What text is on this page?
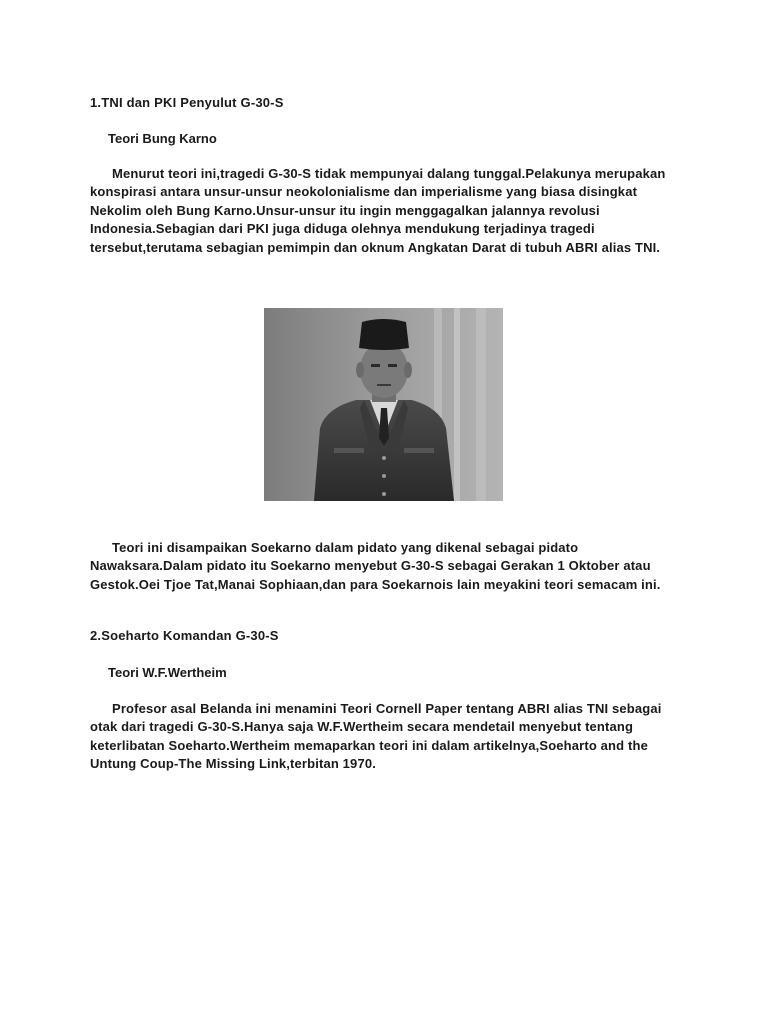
1.TNI dan PKI Penyulut G-30-S

Teori Bung Karno

Menurut teori ini,tragedi G-30-S tidak mempunyai dalang tunggal.Pelakunya merupakan konspirasi antara unsur-unsur neokolonialisme dan imperialisme yang biasa disingkat Nekolim oleh Bung Karno.Unsur-unsur itu ingin menggagalkan jalannya revolusi Indonesia.Sebagian dari PKI juga diduga olehnya mendukung terjadinya tragedi tersebut,terutama sebagian pemimpin dan oknum Angkatan Darat di tubuh ABRI alias TNI.

Teori ini disampaikan Soekarno dalam pidato yang dikenal sebagai pidato Nawaksara.Dalam pidato itu Soekarno menyebut G-30-S sebagai Gerakan 1 Oktober atau Gestok.Oei Tjoe Tat,Manai Sophiaan,dan para Soekarnois lain meyakini teori semacam ini.

2.Soeharto Komandan G-30-S

Teori W.F.Wertheim

Profesor asal Belanda ini menamini Teori Cornell Paper tentang ABRI alias TNI sebagai otak dari tragedi G-30-S.Hanya saja W.F.Wertheim secara mendetail menyebut tentang keterlibatan Soeharto.Wertheim memaparkan teori ini dalam artikelnya,Soeharto and the Untung Coup-The Missing Link,terbitan 1970.
